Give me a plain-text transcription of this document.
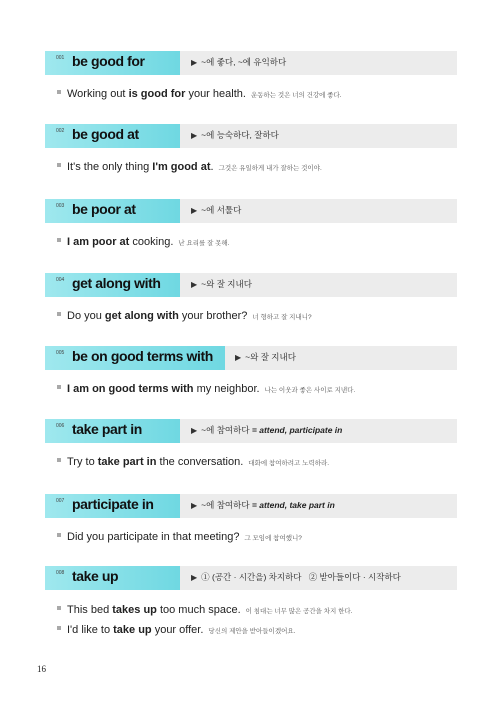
001 be good for	▶ ~에 좋다, ~에 유익하다
Working out is good for your health. 운동하는 것은 너의 건강에 좋다.
002 be good at	▶ ~에 능숙하다, 잘하다
It's the only thing I'm good at. 그것은 유일하게 내가 잘하는 것이야.
003 be poor at	▶ ~에 서툴다
I am poor at cooking. 난 요리를 잘 못해.
004 get along with	▶ ~와 잘 지내다
Do you get along with your brother? 너 형하고 잘 지내니?
005 be on good terms with	▶ ~와 잘 지내다
I am on good terms with my neighbor. 나는 이웃과 좋은 사이로 지낸다.
006 take part in	▶ ~에 참여하다 = attend, participate in
Try to take part in the conversation. 대화에 참여하려고 노력하라.
007 participate in	▶ ~에 참여하다 = attend, take part in
Did you participate in that meeting? 그 모임에 참여했니?
008 take up	▶ ① (공간 · 시간을) 차지하다   ② 받아들이다 · 시작하다
This bed takes up too much space. 이 침대는 너무 많은 공간을 차지 한다.
I'd like to take up your offer. 당신의 제안을 받아들이겠어요.
16
